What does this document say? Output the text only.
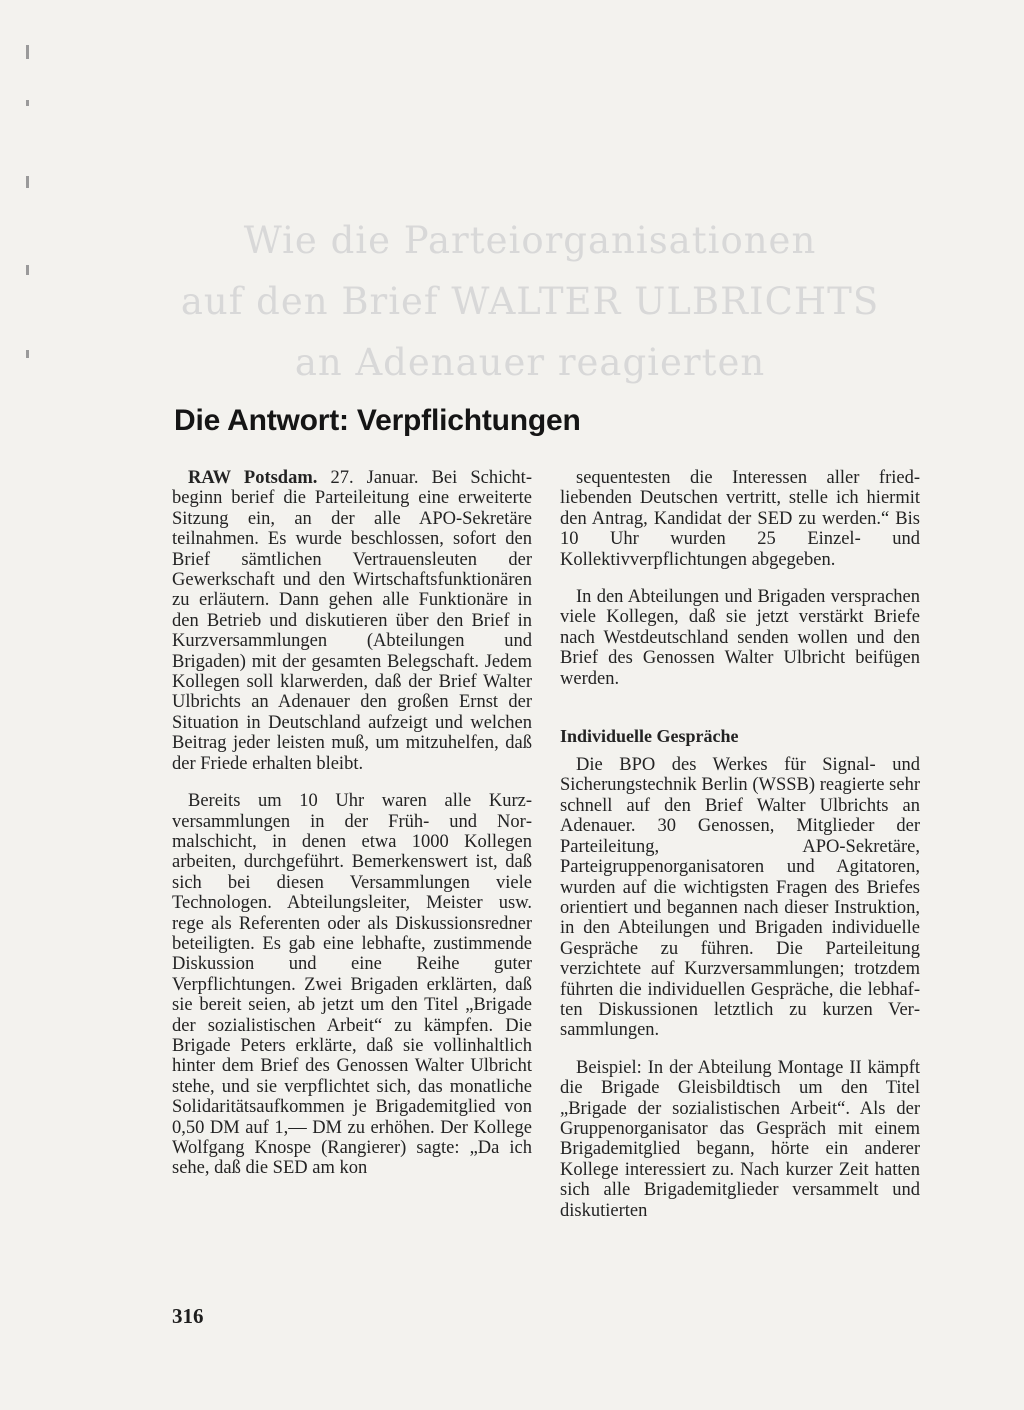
Wie die Parteiorganisationen
auf den Brief WALTER ULBRICHTS
an Adenauer reagierten
Die Antwort: Verpflichtungen

RAW Potsdam. 27. Januar. Bei Schichtbeginn berief die Parteileitung eine erweiterte Sitzung ein, an der alle APO-Sekretäre teilnahmen. Es wurde beschlossen, sofort den Brief sämtlichen Vertrauensleuten der Gewerkschaft und den Wirtschaftsfunktionären zu erläutern. Dann gehen alle Funktionäre in den Betrieb und diskutieren über den Brief in Kurzversammlungen (Abteilungen und Brigaden) mit der gesamten Belegschaft. Jedem Kollegen soll klarwerden, daß der Brief Walter Ulbrichts an Adenauer den großen Ernst der Situation in Deutschland aufzeigt und welchen Beitrag jeder leisten muß, um mitzuhelfen, daß der Friede erhalten bleibt.

Bereits um 10 Uhr waren alle Kurzversammlungen in der Früh- und Normalschicht, in denen etwa 1000 Kollegen arbeiten, durchgeführt. Bemerkenswert ist, daß sich bei diesen Versammlungen viele Technologen. Abteilungsleiter, Meister usw. rege als Referenten oder als Diskussionsredner beteiligten. Es gab eine lebhafte, zustimmende Diskussion und eine Reihe guter Verpflichtungen. Zwei Brigaden erklärten, daß sie bereit seien, ab jetzt um den Titel „Brigade der sozialistischen Arbeit“ zu kämpfen. Die Brigade Peters erklärte, daß sie vollinhaltlich hinter dem Brief des Genossen Walter Ulbricht stehe, und sie verpflichtet sich, das monatliche Solidaritätsaufkommen je Brigademitglied von 0,50 DM auf 1,— DM zu erhöhen. Der Kollege Wolfgang Knospe (Rangierer) sagte: „Da ich sehe, daß die SED am kon

sequentesten die Interessen aller friedliebenden Deutschen vertritt, stelle ich hiermit den Antrag, Kandidat der SED zu werden.“ Bis 10 Uhr wurden 25 Einzel- und Kollektivverpflichtungen abgegeben.

In den Abteilungen und Brigaden versprachen viele Kollegen, daß sie jetzt verstärkt Briefe nach Westdeutschland senden wollen und den Brief des Genossen Walter Ulbricht beifügen werden.

Individuelle Gespräche

Die BPO des Werkes für Signal- und Sicherungstechnik Berlin (WSSB) reagierte sehr schnell auf den Brief Walter Ulbrichts an Adenauer. 30 Genossen, Mitglieder der Parteileitung, APO-Sekretäre, Parteigruppenorganisatoren und Agitatoren, wurden auf die wichtigsten Fragen des Briefes orientiert und begannen nach dieser Instruktion, in den Abteilungen und Brigaden individuelle Gespräche zu führen. Die Parteileitung verzichtete auf Kurzversammlungen; trotzdem führten die individuellen Gespräche, die lebhaften Diskussionen letztlich zu kurzen Versammlungen.

Beispiel: In der Abteilung Montage II kämpft die Brigade Gleisbildtisch um den Titel „Brigade der sozialistischen Arbeit“. Als der Gruppenorganisator das Gespräch mit einem Brigademitglied begann, hörte ein anderer Kollege interessiert zu. Nach kurzer Zeit hatten sich alle Brigademitglieder versammelt und diskutierten

316
